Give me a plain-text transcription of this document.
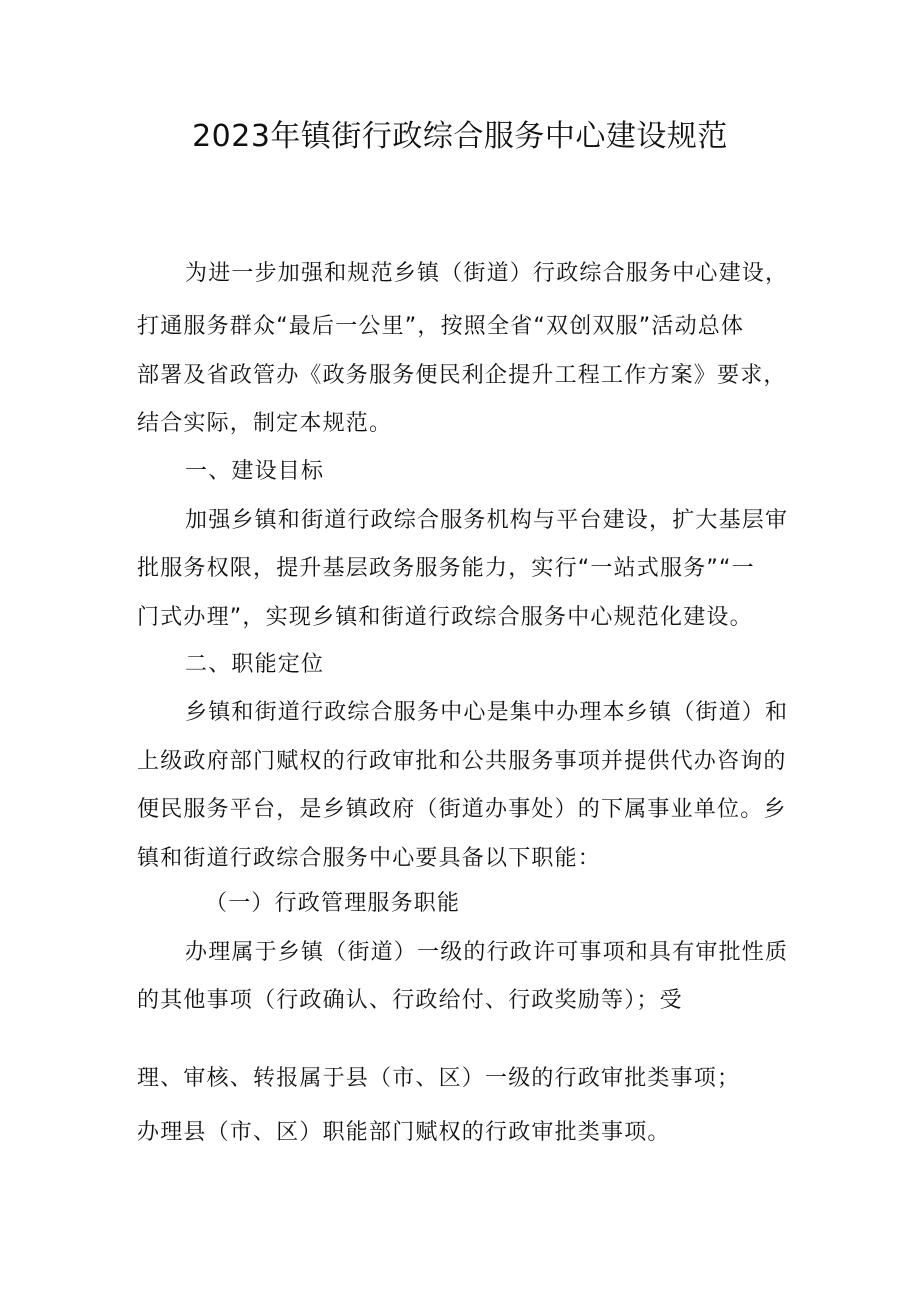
2023年镇街行政综合服务中心建设规范

为进一步加强和规范乡镇（街道）行政综合服务中心建设，

打通服务群众“最后一公里”，按照全省“双创双服”活动总体

部署及省政管办《政务服务便民利企提升工程工作方案》要求，

结合实际，制定本规范。

一、建设目标

加强乡镇和街道行政综合服务机构与平台建设，扩大基层审

批服务权限，提升基层政务服务能力，实行“一站式服务”“一

门式办理”，实现乡镇和街道行政综合服务中心规范化建设。

二、职能定位

乡镇和街道行政综合服务中心是集中办理本乡镇（街道）和

上级政府部门赋权的行政审批和公共服务事项并提供代办咨询的

便民服务平台，是乡镇政府（街道办事处）的下属事业单位。乡

镇和街道行政综合服务中心要具备以下职能：

（一）行政管理服务职能

办理属于乡镇（街道）一级的行政许可事项和具有审批性质

的其他事项（行政确认、行政给付、行政奖励等）；受

理、审核、转报属于县（市、区）一级的行政审批类事项；

办理县（市、区）职能部门赋权的行政审批类事项。
